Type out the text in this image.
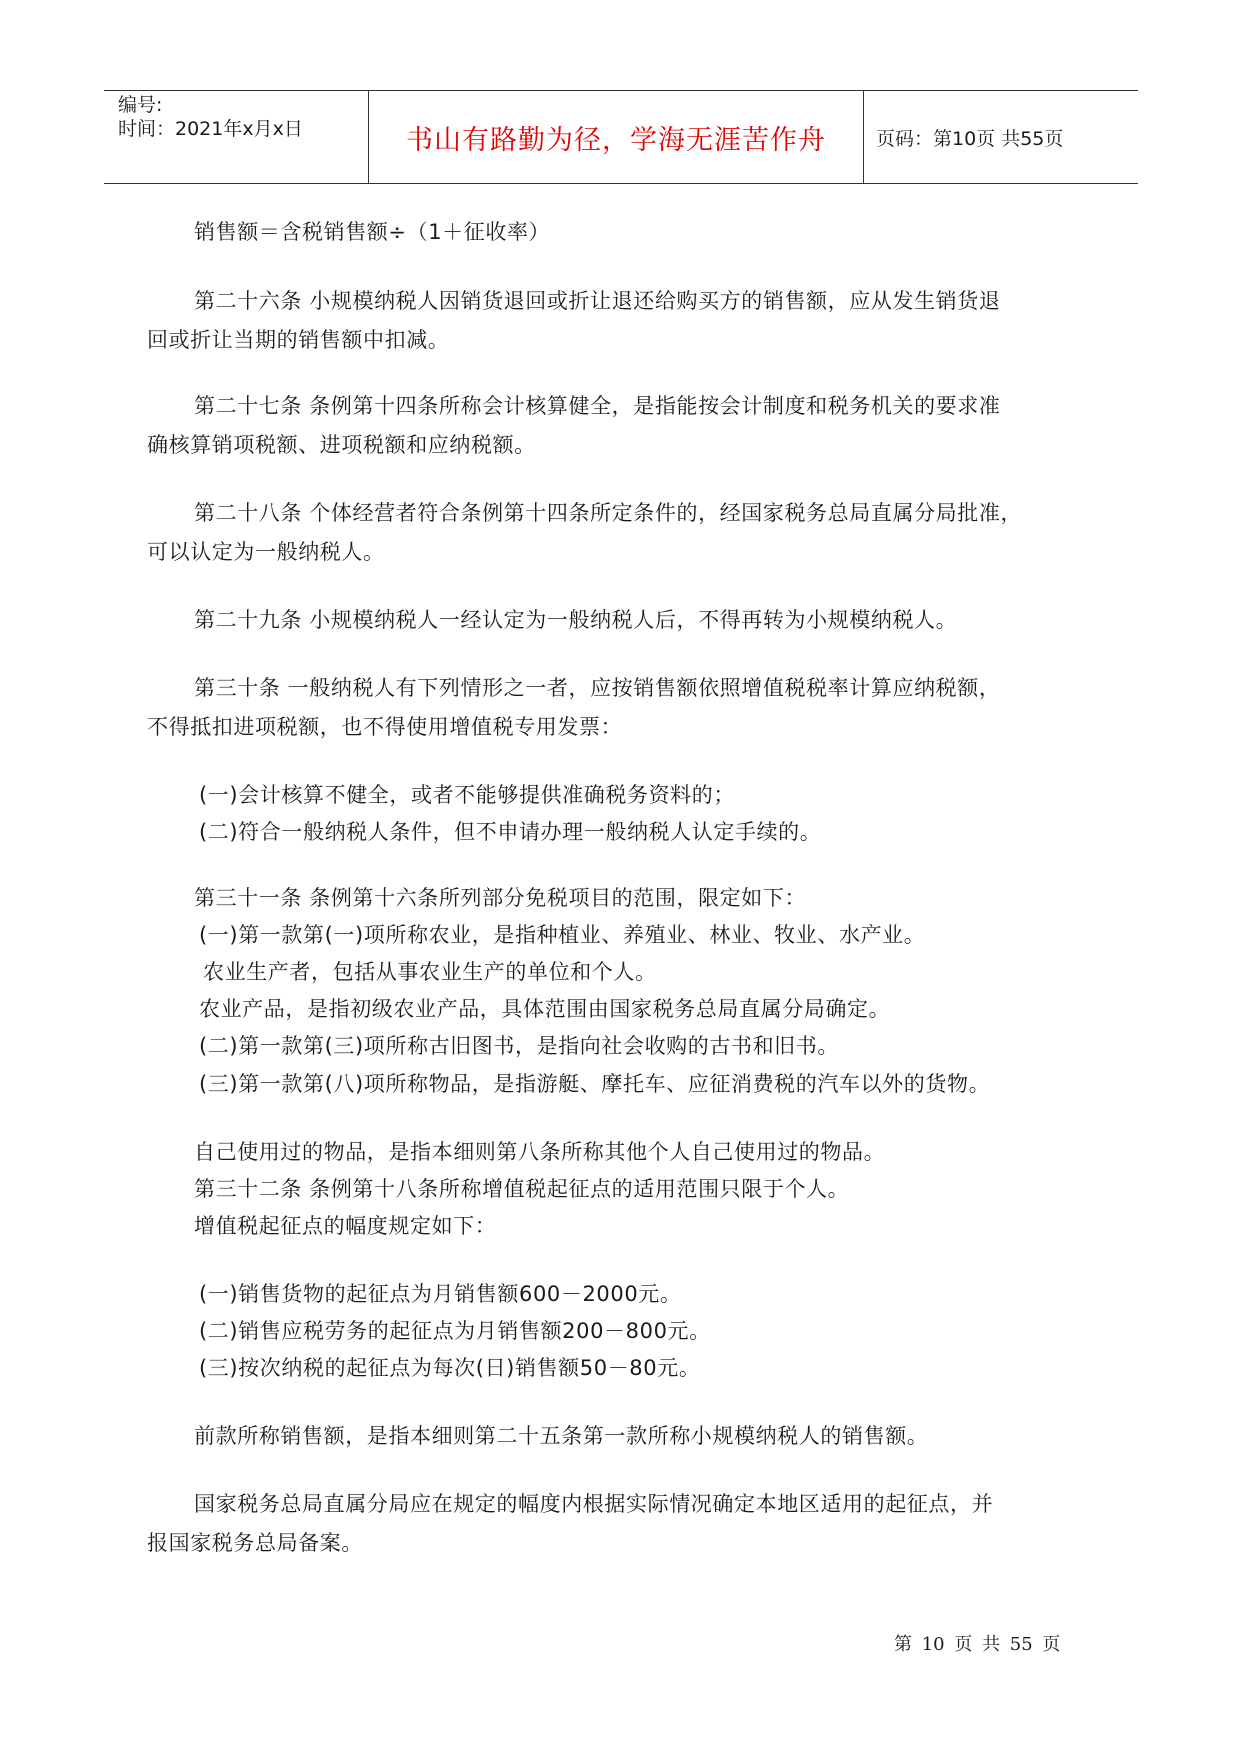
编号:
时间：2021年x月x日	书山有路勤为径，学海无涯苦作舟	页码：第10页 共55页
销售额＝含税销售额÷（1＋征收率）
第二十六条 小规模纳税人因销货退回或折让退还给购买方的销售额，应从发生销货退
回或折让当期的销售额中扣减。
第二十七条 条例第十四条所称会计核算健全，是指能按会计制度和税务机关的要求准
确核算销项税额、进项税额和应纳税额。
第二十八条 个体经营者符合条例第十四条所定条件的，经国家税务总局直属分局批准，
可以认定为一般纳税人。
第二十九条 小规模纳税人一经认定为一般纳税人后，不得再转为小规模纳税人。
第三十条 一般纳税人有下列情形之一者，应按销售额依照增值税税率计算应纳税额，
不得抵扣进项税额，也不得使用增值税专用发票：
(一)会计核算不健全，或者不能够提供准确税务资料的；
(二)符合一般纳税人条件，但不申请办理一般纳税人认定手续的。
第三十一条 条例第十六条所列部分免税项目的范围，限定如下：
(一)第一款第(一)项所称农业，是指种植业、养殖业、林业、牧业、水产业。
农业生产者，包括从事农业生产的单位和个人。
农业产品，是指初级农业产品，具体范围由国家税务总局直属分局确定。
(二)第一款第(三)项所称古旧图书，是指向社会收购的古书和旧书。
(三)第一款第(八)项所称物品，是指游艇、摩托车、应征消费税的汽车以外的货物。
自己使用过的物品，是指本细则第八条所称其他个人自己使用过的物品。
第三十二条 条例第十八条所称增值税起征点的适用范围只限于个人。
增值税起征点的幅度规定如下：
(一)销售货物的起征点为月销售额600－2000元。
(二)销售应税劳务的起征点为月销售额200－800元。
(三)按次纳税的起征点为每次(日)销售额50－80元。
前款所称销售额，是指本细则第二十五条第一款所称小规模纳税人的销售额。
国家税务总局直属分局应在规定的幅度内根据实际情况确定本地区适用的起征点，并
报国家税务总局备案。
第 10 页 共 55 页
